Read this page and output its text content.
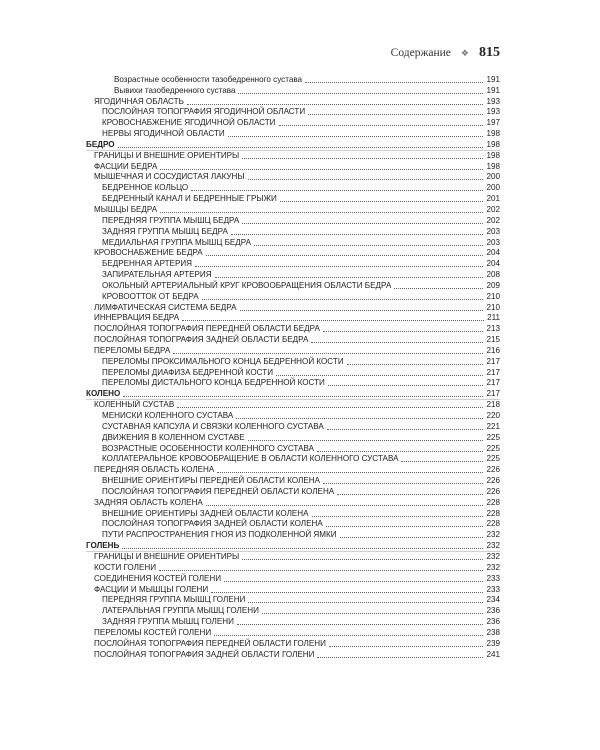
Содержание ❖ 815
Возрастные особенности тазобедренного сустава	191
Вывихи тазобедренного сустава	191
ЯГОДИЧНАЯ ОБЛАСТЬ	193
ПОСЛОЙНАЯ ТОПОГРАФИЯ ЯГОДИЧНОЙ ОБЛАСТИ	193
КРОВОСНАБЖЕНИЕ ЯГОДИЧНОЙ ОБЛАСТИ	197
НЕРВЫ ЯГОДИЧНОЙ ОБЛАСТИ	198
БЕДРО	198
ГРАНИЦЫ И ВНЕШНИЕ ОРИЕНТИРЫ	198
ФАСЦИИ БЕДРА	198
МЫШЕЧНАЯ И СОСУДИСТАЯ ЛАКУНЫ	200
БЕДРЕННОЕ КОЛЬЦО	200
БЕДРЕННЫЙ КАНАЛ И БЕДРЕННЫЕ ГРЫЖИ	201
МЫШЦЫ БЕДРА	202
ПЕРЕДНЯЯ ГРУППА МЫШЦ БЕДРА	202
ЗАДНЯЯ ГРУППА МЫШЦ БЕДРА	203
МЕДИАЛЬНАЯ ГРУППА МЫШЦ БЕДРА	203
КРОВОСНАБЖЕНИЕ БЕДРА	204
БЕДРЕННАЯ АРТЕРИЯ	204
ЗАПИРАТЕЛЬНАЯ АРТЕРИЯ	208
ОКОЛЬНЫЙ АРТЕРИАЛЬНЫЙ КРУГ КРОВООБРАЩЕНИЯ ОБЛАСТИ БЕДРА	209
КРОВООТТОК ОТ БЕДРА	210
ЛИМФАТИЧЕСКАЯ СИСТЕМА БЕДРА	210
ИННЕРВАЦИЯ БЕДРА	211
ПОСЛОЙНАЯ ТОПОГРАФИЯ ПЕРЕДНЕЙ ОБЛАСТИ БЕДРА	213
ПОСЛОЙНАЯ ТОПОГРАФИЯ ЗАДНЕЙ ОБЛАСТИ БЕДРА	215
ПЕРЕЛОМЫ БЕДРА	216
ПЕРЕЛОМЫ ПРОКСИМАЛЬНОГО КОНЦА БЕДРЕННОЙ КОСТИ	217
ПЕРЕЛОМЫ ДИАФИЗА БЕДРЕННОЙ КОСТИ	217
ПЕРЕЛОМЫ ДИСТАЛЬНОГО КОНЦА БЕДРЕННОЙ КОСТИ	217
КОЛЕНО	217
КОЛЕННЫЙ СУСТАВ	218
МЕНИСКИ КОЛЕННОГО СУСТАВА	220
СУСТАВНАЯ КАПСУЛА И СВЯЗКИ КОЛЕННОГО СУСТАВА	221
ДВИЖЕНИЯ В КОЛЕННОМ СУСТАВЕ	225
ВОЗРАСТНЫЕ ОСОБЕННОСТИ КОЛЕННОГО СУСТАВА	225
КОЛЛАТЕРАЛЬНОЕ КРОВООБРАЩЕНИЕ В ОБЛАСТИ КОЛЕННОГО СУСТАВА	225
ПЕРЕДНЯЯ ОБЛАСТЬ КОЛЕНА	226
ВНЕШНИЕ ОРИЕНТИРЫ ПЕРЕДНЕЙ ОБЛАСТИ КОЛЕНА	226
ПОСЛОЙНАЯ ТОПОГРАФИЯ ПЕРЕДНЕЙ ОБЛАСТИ КОЛЕНА	226
ЗАДНЯЯ ОБЛАСТЬ КОЛЕНА	228
ВНЕШНИЕ ОРИЕНТИРЫ ЗАДНЕЙ ОБЛАСТИ КОЛЕНА	228
ПОСЛОЙНАЯ ТОПОГРАФИЯ ЗАДНЕЙ ОБЛАСТИ КОЛЕНА	228
ПУТИ РАСПРОСТРАНЕНИЯ ГНОЯ ИЗ ПОДКОЛЕННОЙ ЯМКИ	232
ГОЛЕНЬ	232
ГРАНИЦЫ И ВНЕШНИЕ ОРИЕНТИРЫ	232
КОСТИ ГОЛЕНИ	232
СОЕДИНЕНИЯ КОСТЕЙ ГОЛЕНИ	233
ФАСЦИИ И МЫШЦЫ ГОЛЕНИ	233
ПЕРЕДНЯЯ ГРУППА МЫШЦ ГОЛЕНИ	234
ЛАТЕРАЛЬНАЯ ГРУППА МЫШЦ ГОЛЕНИ	236
ЗАДНЯЯ ГРУППА МЫШЦ ГОЛЕНИ	236
ПЕРЕЛОМЫ КОСТЕЙ ГОЛЕНИ	238
ПОСЛОЙНАЯ ТОПОГРАФИЯ ПЕРЕДНЕЙ ОБЛАСТИ ГОЛЕНИ	239
ПОСЛОЙНАЯ ТОПОГРАФИЯ ЗАДНЕЙ ОБЛАСТИ ГОЛЕНИ	241
